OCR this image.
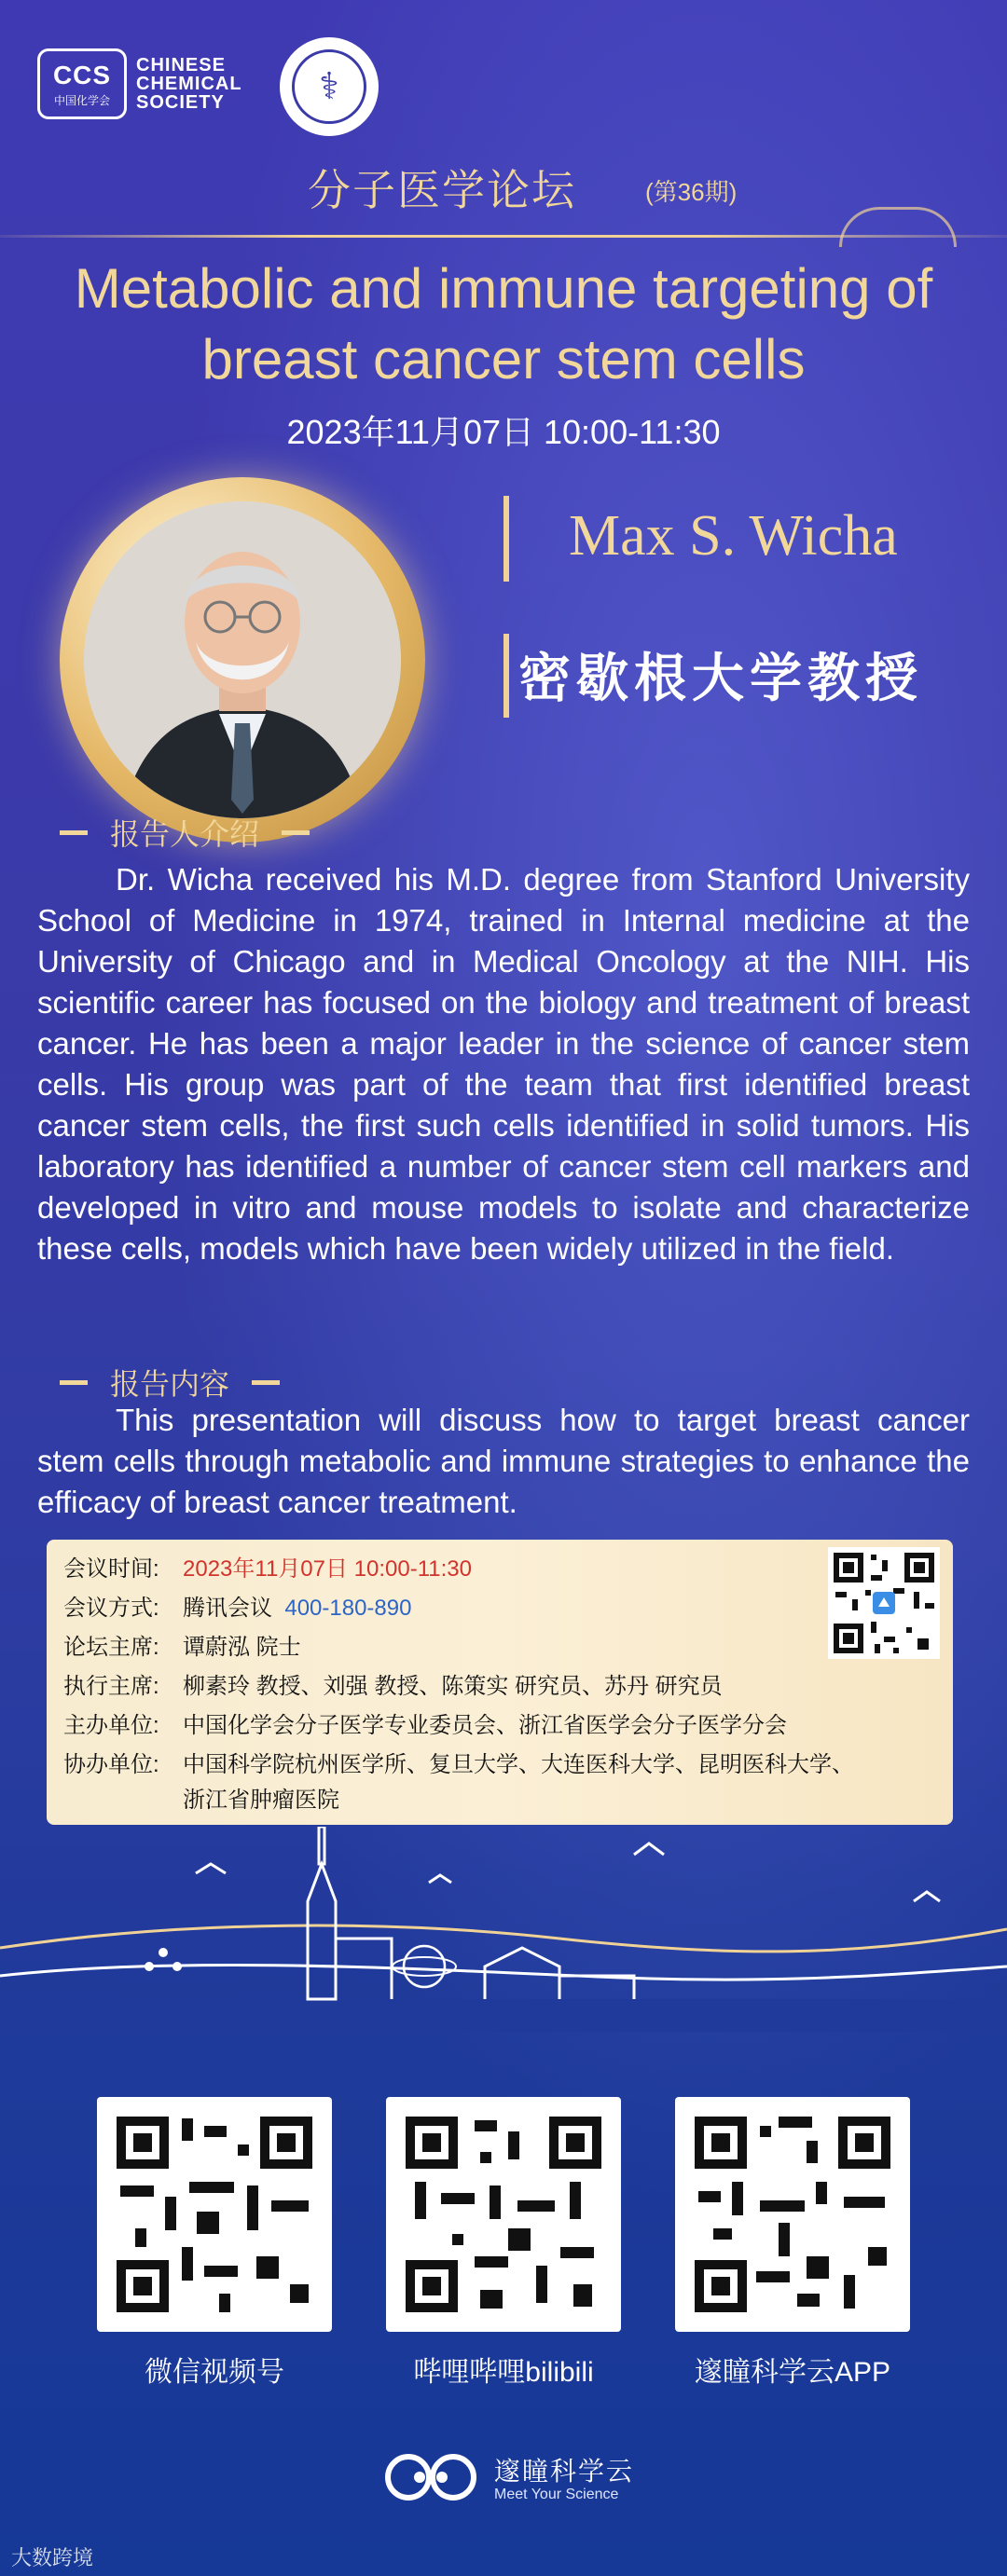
CCS
中国化学会
CHINESE
CHEMICAL
SOCIETY	⚕
分子医学论坛	(第36期)
Metabolic and immune targeting of
breast cancer stem cells
2023年11月07日 10:00-11:30
Max S. Wicha
密歇根大学教授
报告人介绍
Dr. Wicha received his M.D. degree from Stanford University School of Medicine in 1974, trained in Internal medicine at the University of Chicago and in Medical Oncology at the NIH. His scientific career has focused on the biology and treatment of breast cancer. He has been a major leader in the science of cancer stem cells. His group was part of the team that first identified breast cancer stem cells, the first such cells identified in solid tumors. His laboratory has identified a number of cancer stem cell markers and developed in vitro and mouse models to isolate and characterize these cells, models which have been widely utilized in the field.
报告内容
This presentation will discuss how to target breast cancer stem cells through metabolic and immune strategies to enhance the efficacy of breast cancer treatment.
会议时间: 2023年11月07日 10:00-11:30
会议方式: 腾讯会议 400-180-890
论坛主席: 谭蔚泓 院士
执行主席: 柳素玲 教授、刘强 教授、陈策实 研究员、苏丹 研究员
主办单位: 中国化学会分子医学专业委员会、浙江省医学会分子医学分会
协办单位: 中国科学院杭州医学所、复旦大学、大连医科大学、昆明医科大学、
浙江省肿瘤医院
微信视频号	哔哩哔哩bilibili	邃瞳科学云APP
邃瞳科学云
Meet Your Science
大数跨境
